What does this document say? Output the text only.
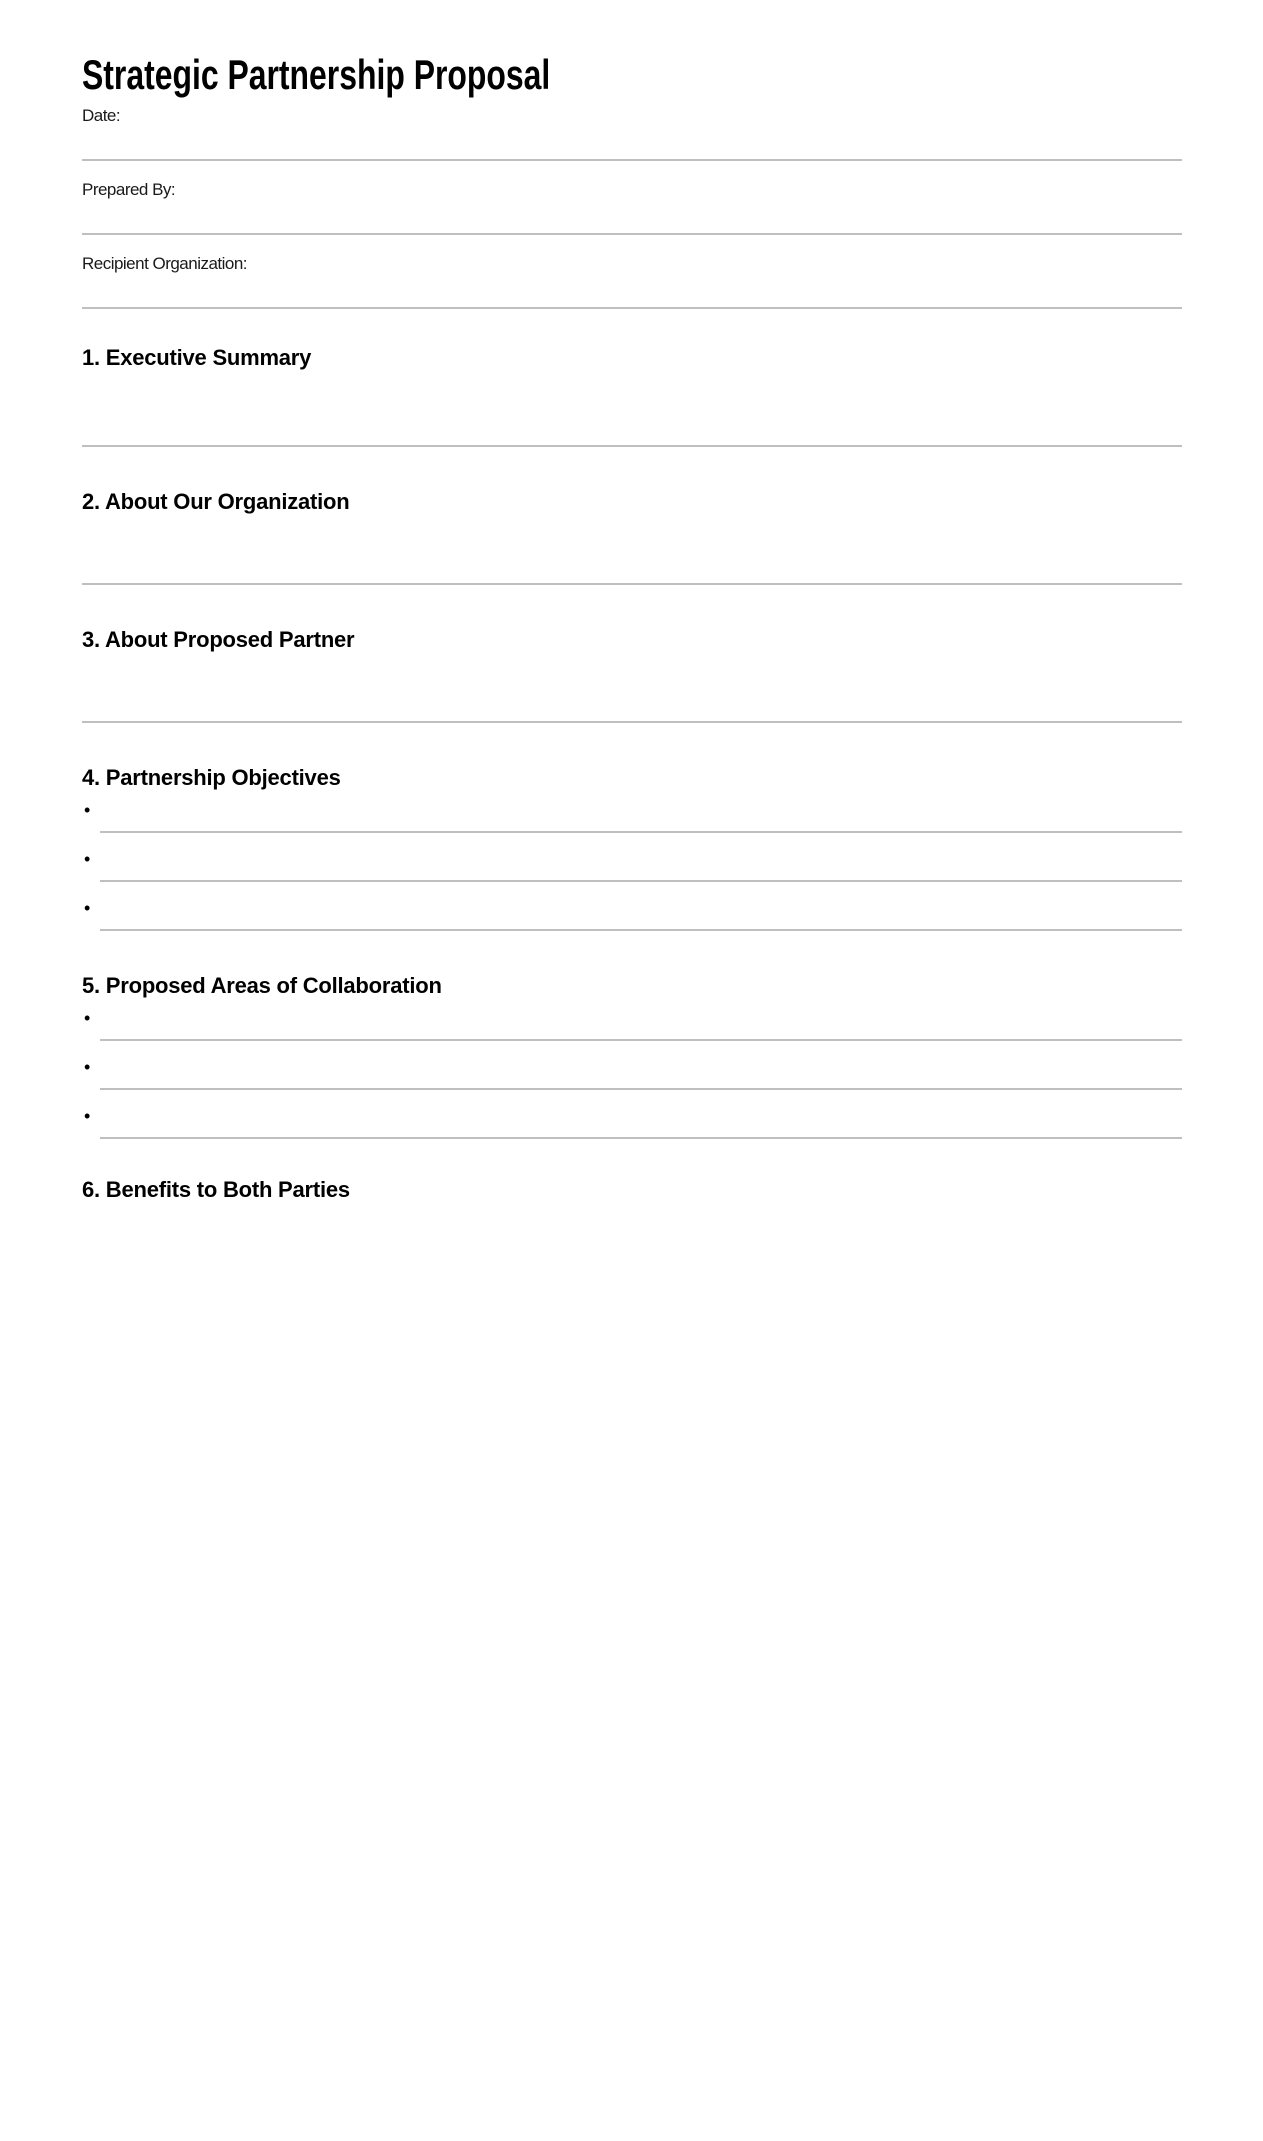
Strategic Partnership Proposal
Date:
Prepared By:
Recipient Organization:
1. Executive Summary
2. About Our Organization
3. About Proposed Partner
4. Partnership Objectives
•
•
•
5. Proposed Areas of Collaboration
•
•
•
6. Benefits to Both Parties
